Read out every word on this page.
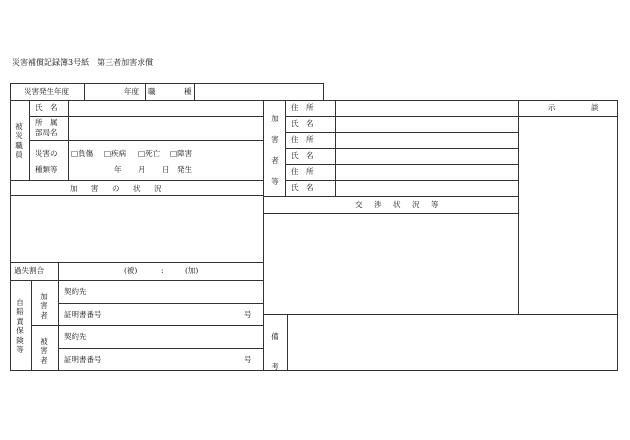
災害補償記録簿3号紙　第三者加害求償
災害発生年度	年度 職	種
被災職員
氏　名
所　属
部局名
災害の
種類等
□負傷 □疾病 □死亡 □障害
年 月 日 発生
加　害　の　状　況
過失割合	(被)	:	(加)
自賠責保険等
加害者
被害者
契約先
証明書番号	号
契約先
証明書番号	号
加害者等
住　所
氏　名
住　所
氏　名
住　所
氏　名
交　渉　状　況　等
示　談
備考
